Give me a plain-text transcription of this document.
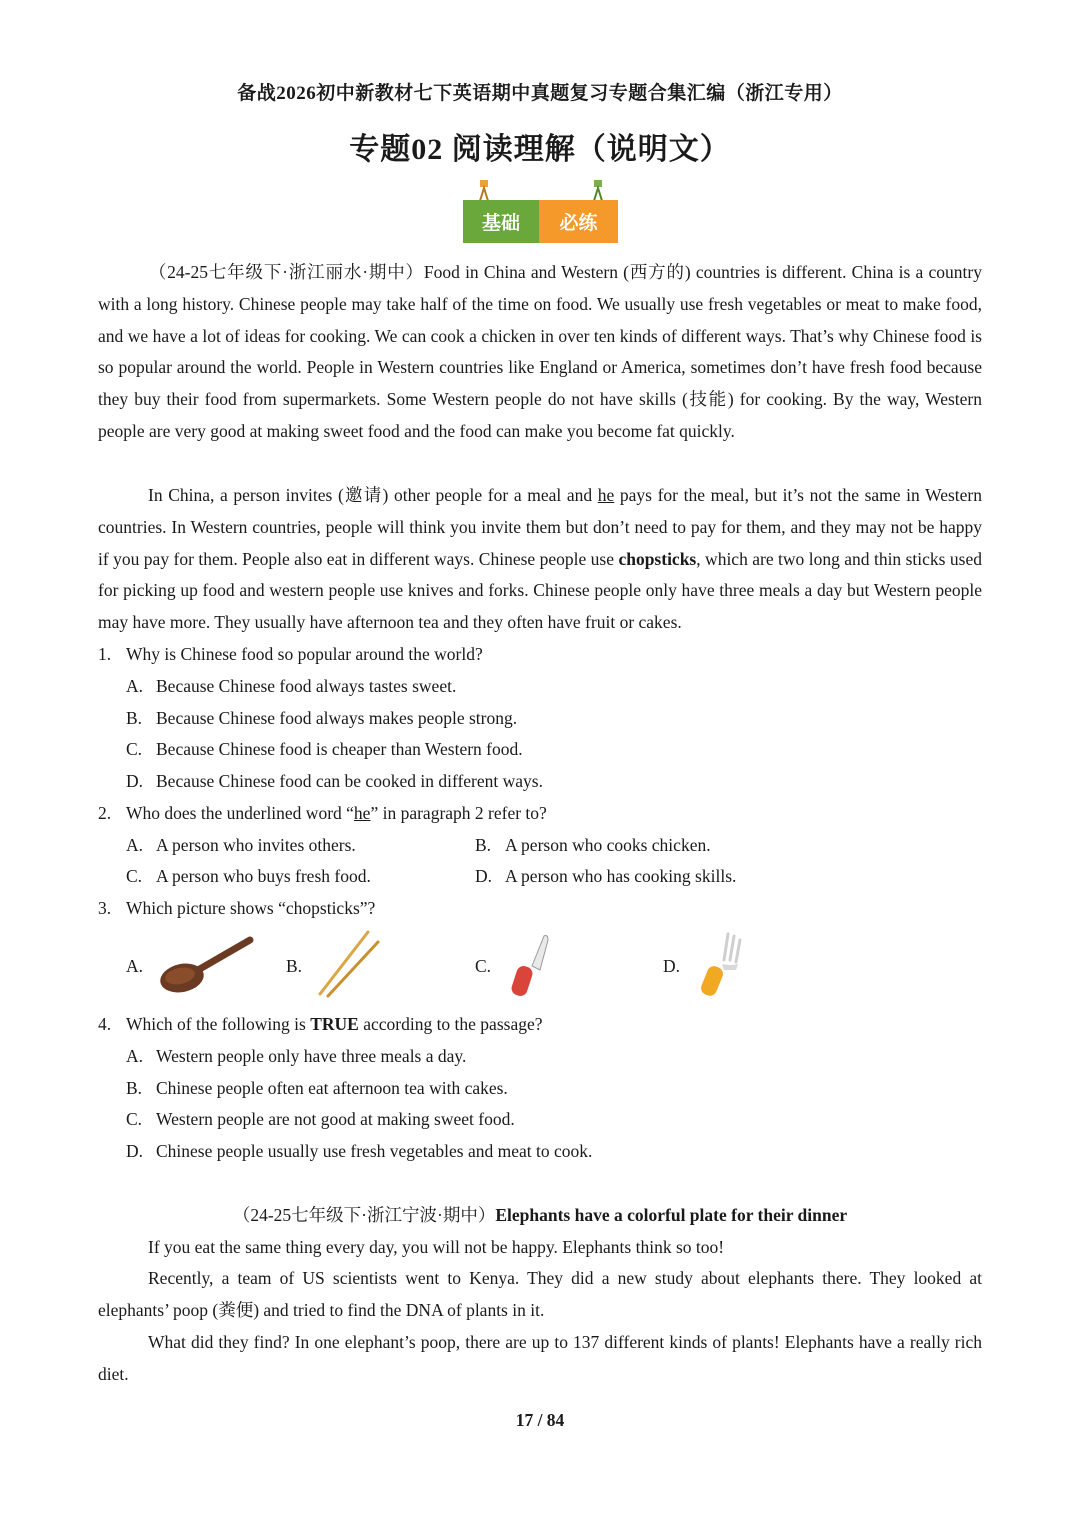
备战2026初中新教材七下英语期中真题复习专题合集汇编（浙江专用）
专题02 阅读理解（说明文）
基础	必练
（24-25七年级下·浙江丽水·期中）Food in China and Western (西方的) countries is different. China is a country with a long history. Chinese people may take half of the time on food. We usually use fresh vegetables or meat to make food, and we have a lot of ideas for cooking. We can cook a chicken in over ten kinds of different ways. That’s why Chinese food is so popular around the world. People in Western countries like England or America, sometimes don’t have fresh food because they buy their food from supermarkets. Some Western people do not have skills (技能) for cooking. By the way, Western people are very good at making sweet food and the food can make you become fat quickly.
In China, a person invites (邀请) other people for a meal and he pays for the meal, but it’s not the same in Western countries. In Western countries, people will think you invite them but don’t need to pay for them, and they may not be happy if you pay for them. People also eat in different ways. Chinese people use chopsticks, which are two long and thin sticks used for picking up food and western people use knives and forks. Chinese people only have three meals a day but Western people may have more. They usually have afternoon tea and they often have fruit or cakes.
1. Why is Chinese food so popular around the world?
A. Because Chinese food always tastes sweet.
B. Because Chinese food always makes people strong.
C. Because Chinese food is cheaper than Western food.
D. Because Chinese food can be cooked in different ways.
2. Who does the underlined word “he” in paragraph 2 refer to?
A. A person who invites others.	B. A person who cooks chicken.
C. A person who buys fresh food.	D. A person who has cooking skills.
3. Which picture shows “chopsticks”?
A.	B.	C.	D.
4. Which of the following is TRUE according to the passage?
A. Western people only have three meals a day.
B. Chinese people often eat afternoon tea with cakes.
C. Western people are not good at making sweet food.
D. Chinese people usually use fresh vegetables and meat to cook.
（24-25七年级下·浙江宁波·期中）Elephants have a colorful plate for their dinner
If you eat the same thing every day, you will not be happy. Elephants think so too!
Recently, a team of US scientists went to Kenya. They did a new study about elephants there. They looked at elephants’ poop (粪便) and tried to find the DNA of plants in it.
What did they find? In one elephant’s poop, there are up to 137 different kinds of plants! Elephants have a really rich diet.
17 / 84
